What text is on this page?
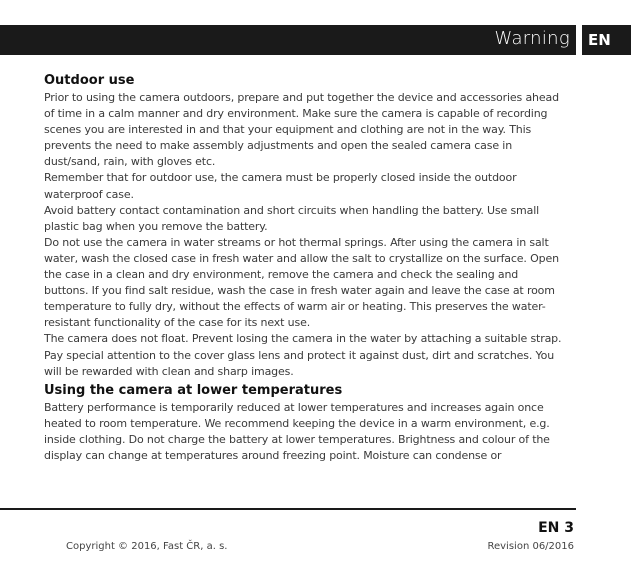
Warning	EN
Outdoor use

Prior to using the camera outdoors, prepare and put together the device and accessories ahead of time in a calm manner and dry environment. Make sure the camera is capable of recording scenes you are interested in and that your equipment and clothing are not in the way. This prevents the need to make assembly adjustments and open the sealed camera case in dust/sand, rain, with gloves etc.

Remember that for outdoor use, the camera must be properly closed inside the outdoor waterproof case.

Avoid battery contact contamination and short circuits when handling the battery. Use small plastic bag when you remove the battery.

Do not use the camera in water streams or hot thermal springs. After using the camera in salt water, wash the closed case in fresh water and allow the salt to crystallize on the surface. Open the case in a clean and dry environment, remove the camera and check the sealing and buttons. If you find salt residue, wash the case in fresh water again and leave the case at room temperature to fully dry, without the effects of warm air or heating. This preserves the water-resistant functionality of the case for its next use.

The camera does not float. Prevent losing the camera in the water by attaching a suitable strap.

Pay special attention to the cover glass lens and protect it against dust, dirt and scratches. You will be rewarded with clean and sharp images.

Using the camera at lower temperatures

Battery performance is temporarily reduced at lower temperatures and increases again once heated to room temperature. We recommend keeping the device in a warm environment, e.g. inside clothing. Do not charge the battery at lower temperatures. Brightness and colour of the display can change at temperatures around freezing point. Moisture can condense or

EN 3
Copyright © 2016, Fast ČR, a. s.	Revision 06/2016
